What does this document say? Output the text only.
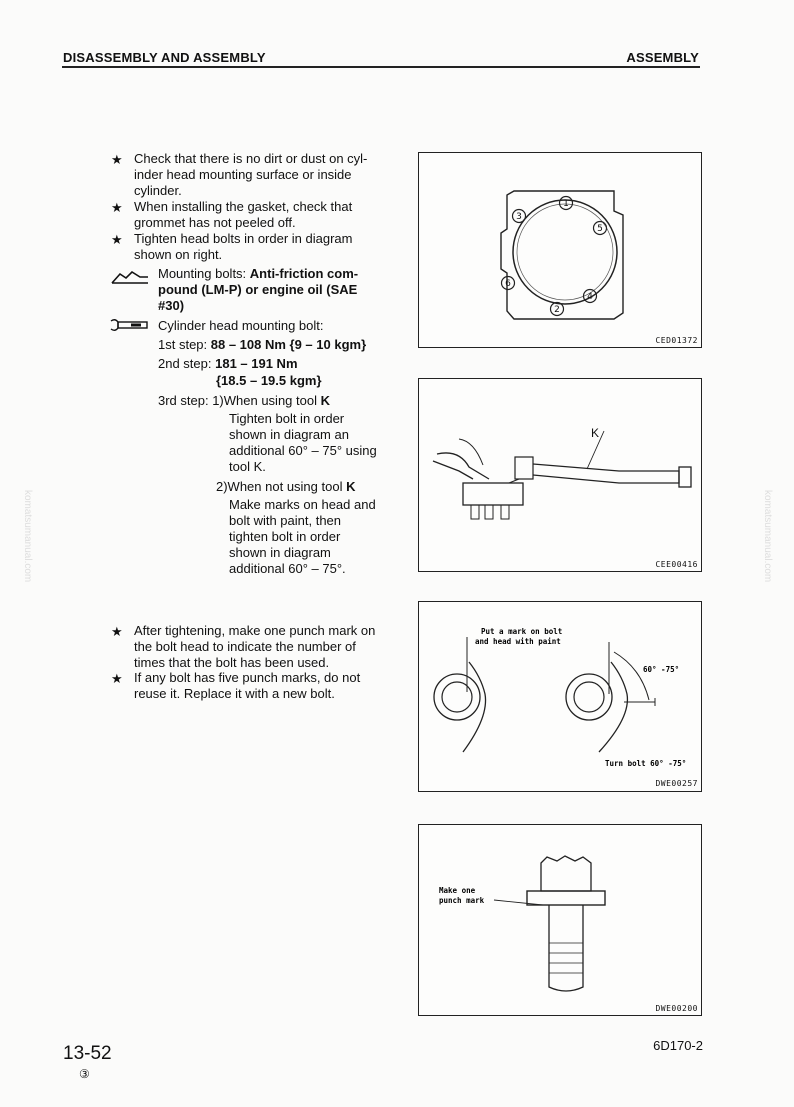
DISASSEMBLY AND ASSEMBLY	ASSEMBLY
★ Check that there is no dirt or dust on cyl-
inder head mounting surface or inside
cylinder.
★ When installing the gasket, check that
grommet has not peeled off.
★ Tighten head bolts in order in diagram
shown on right.
Mounting bolts: Anti-friction com-
pound (LM-P) or engine oil (SAE
#30)
Cylinder head mounting bolt:
1st step: 88 – 108 Nm {9 – 10 kgm}
2nd step: 181 – 191 Nm
{18.5 – 19.5 kgm}
3rd step: 1)When using tool K
Tighten bolt in order
shown in diagram an
additional 60° – 75° using
tool K.
2)When not using tool K
Make marks on head and
bolt with paint, then
tighten bolt in order
shown in diagram
additional 60° – 75°.
★ After tightening, make one punch mark on
the bolt head to indicate the number of
times that the bolt has been used.
★ If any bolt has five punch marks, do not
reuse it. Replace it with a new bolt.
1
2
3
4
5
6
CED01372
K
CEE00416
Put a mark on bolt
and head with paint
60° -75°
Turn bolt 60° -75°
DWE00257
Make one
punch mark
DWE00200
13-52
③
6D170-2
komatsumanual.com	komatsumanual.com
